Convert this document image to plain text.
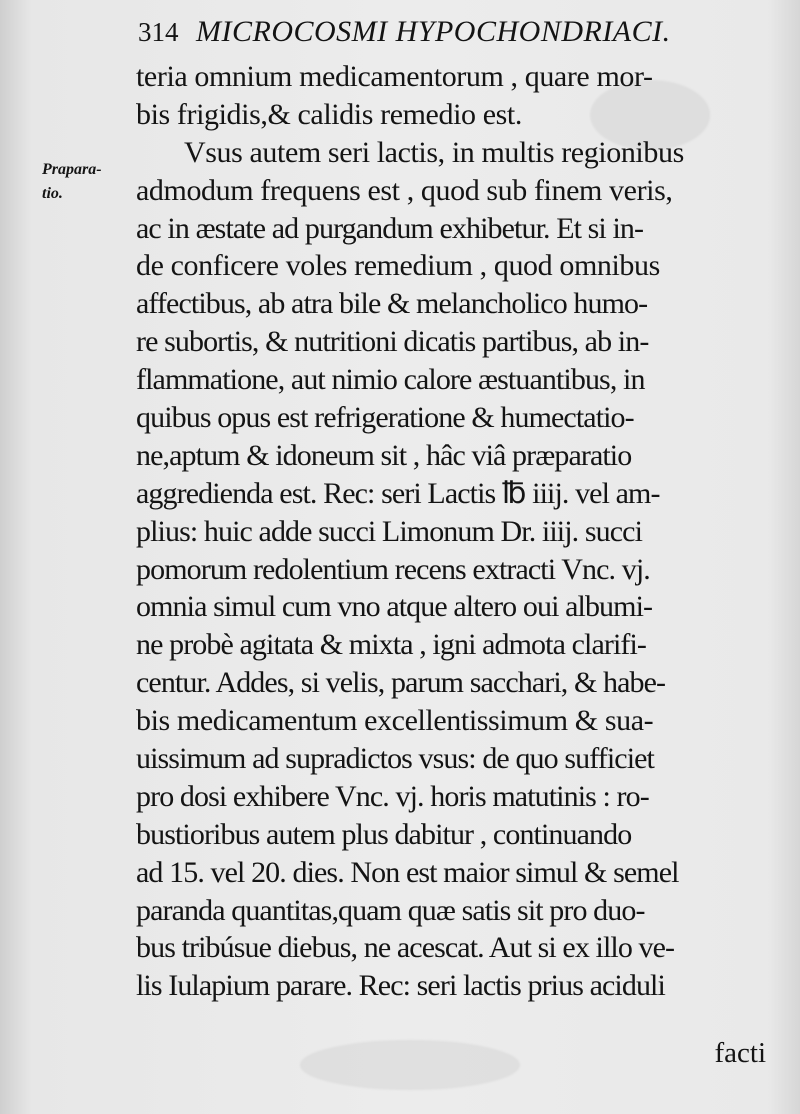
314 MICROCOSMI HYPOCHONDRIACI.
Prapara-
tio.
teria omnium medicamentorum , quare mor-
bis frigidis,& calidis remedio est.
Vsus autem seri lactis, in multis regionibus
admodum frequens est , quod sub finem veris,
ac in æstate ad purgandum exhibetur. Et si in-
de conficere voles remedium , quod omnibus
affectibus, ab atra bile & melancholico humo-
re subortis, & nutritioni dicatis partibus, ab in-
flammatione, aut nimio calore æstuantibus, in
quibus opus est refrigeratione & humectatio-
ne,aptum & idoneum sit , hâc viâ præparatio
aggredienda est. Rec: seri Lactis ℔ iiij. vel am-
plius: huic adde succi Limonum Dr. iiij. succi
pomorum redolentium recens extracti Vnc. vj.
omnia simul cum vno atque altero oui albumi-
ne probè agitata & mixta , igni admota clarifi-
centur. Addes, si velis, parum sacchari, & habe-
bis medicamentum excellentissimum & sua-
uissimum ad supradictos vsus: de quo sufficiet
pro dosi exhibere Vnc. vj. horis matutinis : ro-
bustioribus autem plus dabitur , continuando
ad 15. vel 20. dies. Non est maior simul & semel
paranda quantitas,quam quæ satis sit pro duo-
bus tribúsue diebus, ne acescat. Aut si ex illo ve-
lis Iulapium parare. Rec: seri lactis prius aciduli
facti
